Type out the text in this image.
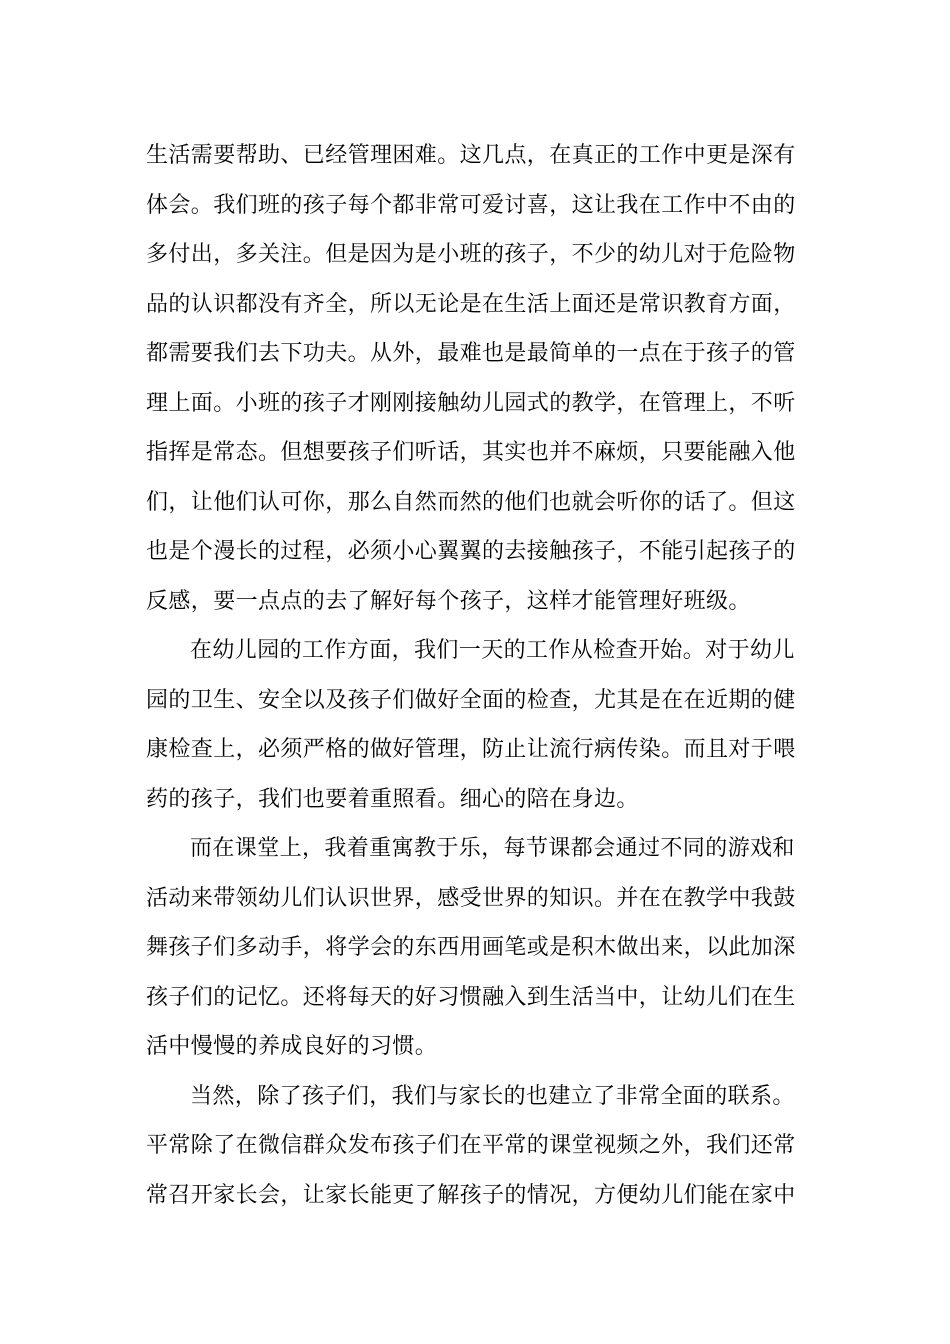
生活需要帮助、已经管理困难。这几点，在真正的工作中更是深有
体会。我们班的孩子每个都非常可爱讨喜，这让我在工作中不由的
多付出，多关注。但是因为是小班的孩子，不少的幼儿对于危险物
品的认识都没有齐全，所以无论是在生活上面还是常识教育方面，
都需要我们去下功夫。从外，最难也是最简单的一点在于孩子的管
理上面。小班的孩子才刚刚接触幼儿园式的教学，在管理上，不听
指挥是常态。但想要孩子们听话，其实也并不麻烦，只要能融入他
们，让他们认可你，那么自然而然的他们也就会听你的话了。但这
也是个漫长的过程，必须小心翼翼的去接触孩子，不能引起孩子的
反感，要一点点的去了解好每个孩子，这样才能管理好班级。
在幼儿园的工作方面，我们一天的工作从检查开始。对于幼儿
园的卫生、安全以及孩子们做好全面的检查，尤其是在在近期的健
康检查上，必须严格的做好管理，防止让流行病传染。而且对于喂
药的孩子，我们也要着重照看。细心的陪在身边。
而在课堂上，我着重寓教于乐，每节课都会通过不同的游戏和
活动来带领幼儿们认识世界，感受世界的知识。并在在教学中我鼓
舞孩子们多动手，将学会的东西用画笔或是积木做出来，以此加深
孩子们的记忆。还将每天的好习惯融入到生活当中，让幼儿们在生
活中慢慢的养成良好的习惯。
当然，除了孩子们，我们与家长的也建立了非常全面的联系。
平常除了在微信群众发布孩子们在平常的课堂视频之外，我们还常
常召开家长会，让家长能更了解孩子的情况，方便幼儿们能在家中
